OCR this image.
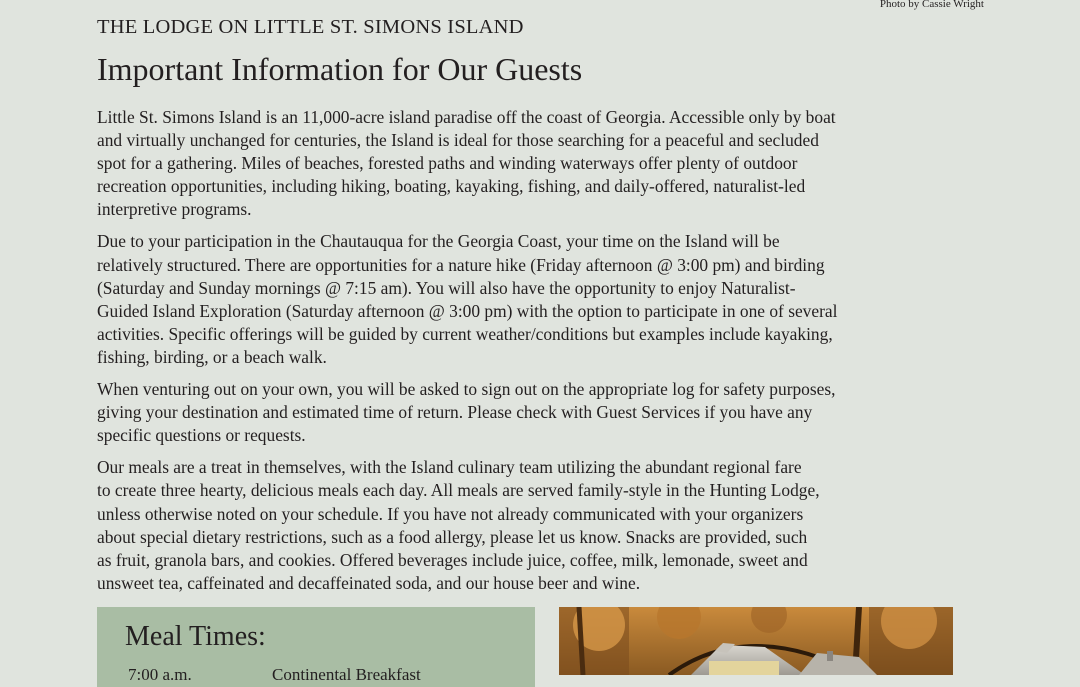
Photo by Cassie Wright
THE LODGE ON LITTLE ST. SIMONS ISLAND
Important Information for Our Guests

Little St. Simons Island is an 11,000-acre island paradise off the coast of Georgia. Accessible only by boat
and virtually unchanged for centuries, the Island is ideal for those searching for a peaceful and secluded
spot for a gathering. Miles of beaches, forested paths and winding waterways offer plenty of outdoor
recreation opportunities, including hiking, boating, kayaking, fishing, and daily-offered, naturalist-led
interpretive programs.

Due to your participation in the Chautauqua for the Georgia Coast, your time on the Island will be
relatively structured. There are opportunities for a nature hike (Friday afternoon @ 3:00 pm) and birding
(Saturday and Sunday mornings @ 7:15 am). You will also have the opportunity to enjoy Naturalist-
Guided Island Exploration (Saturday afternoon @ 3:00 pm) with the option to participate in one of several
activities. Specific offerings will be guided by current weather/conditions but examples include kayaking,
fishing, birding, or a beach walk.

When venturing out on your own, you will be asked to sign out on the appropriate log for safety purposes,
giving your destination and estimated time of return. Please check with Guest Services if you have any
specific questions or requests.

Our meals are a treat in themselves, with the Island culinary team utilizing the abundant regional fare
to create three hearty, delicious meals each day. All meals are served family-style in the Hunting Lodge,
unless otherwise noted on your schedule. If you have not already communicated with your organizers
about special dietary restrictions, such as a food allergy, please let us know. Snacks are provided, such
as fruit, granola bars, and cookies. Offered beverages include juice, coffee, milk, lemonade, sweet and
unsweet tea, caffeinated and decaffeinated soda, and our house beer and wine.

Meal Times:
7:00 a.m.	Continental Breakfast
